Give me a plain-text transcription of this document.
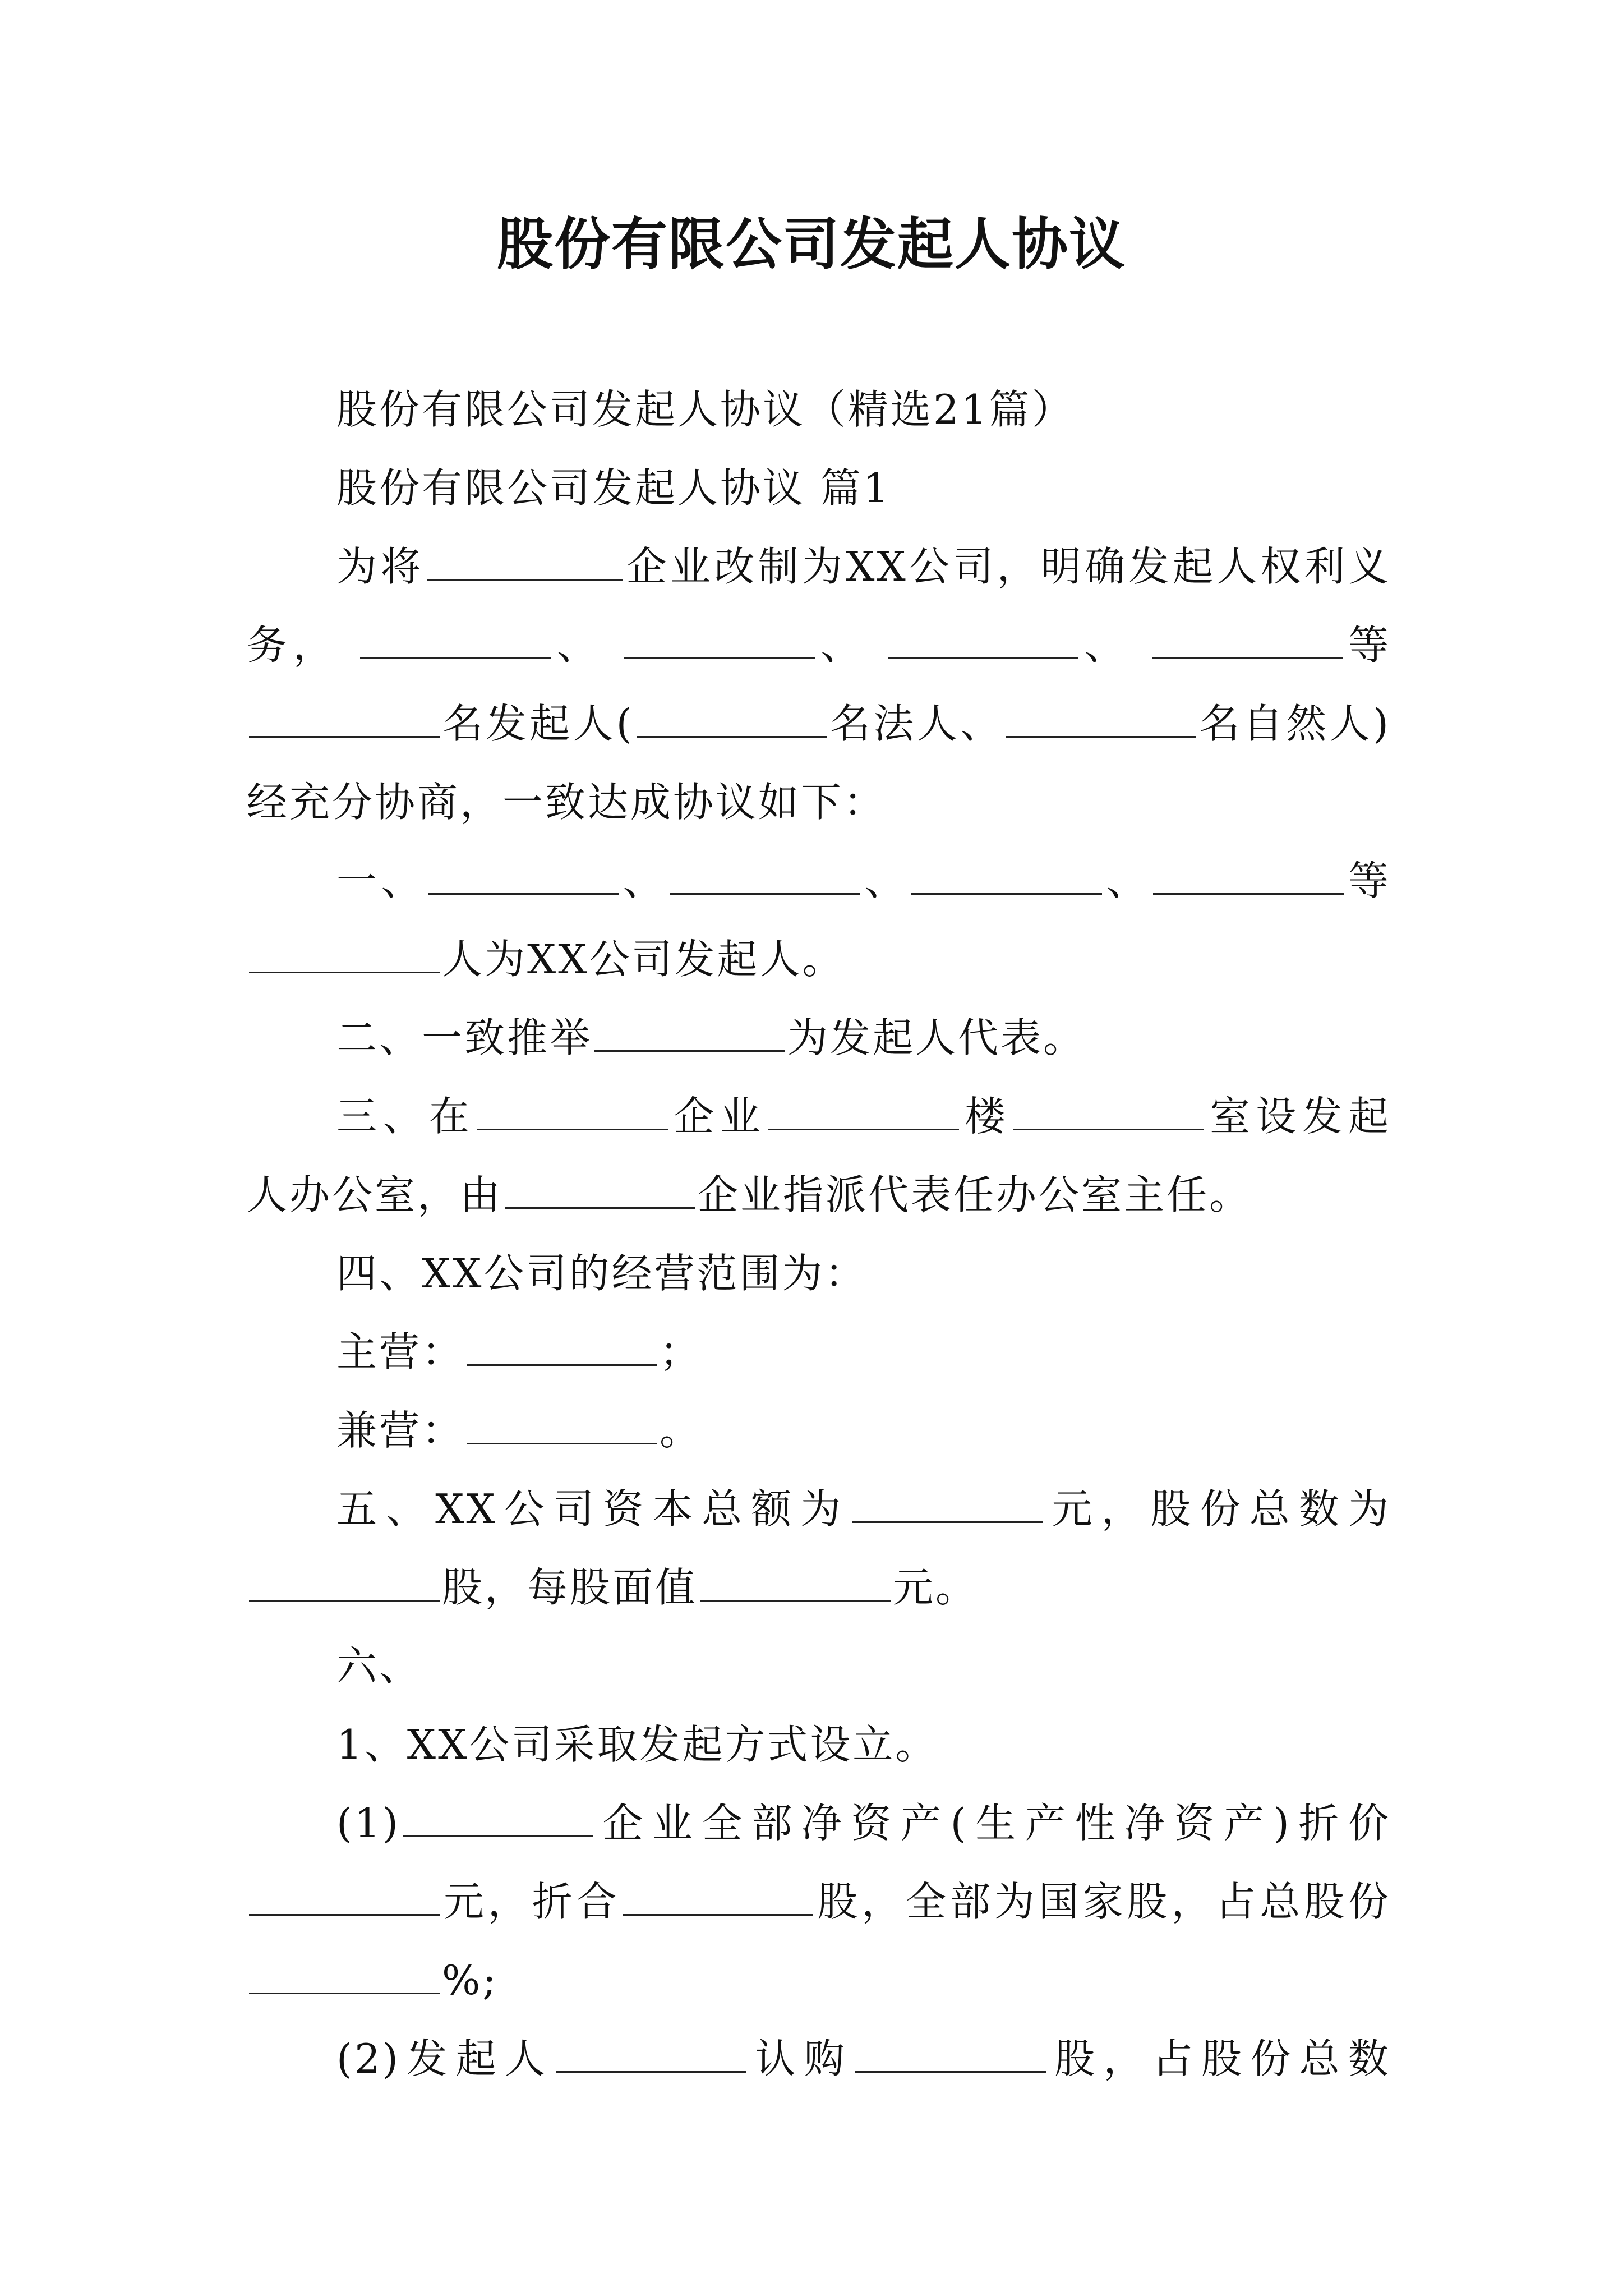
股份有限公司发起人协议
股份有限公司发起人协议（精选21篇）
股份有限公司发起人协议 篇1
为将	企业改制为XX公司，明确发起人权利义
务，	、	、	、	等
名发起人(	名法人、	名自然人)
经充分协商，一致达成协议如下：
一、	、	、	、	等
人为XX公司发起人。
二、一致推举	为发起人代表。
三、在	企业	楼	室设发起
人办公室，由	企业指派代表任办公室主任。
四、XX公司的经营范围为：
主营：	；
兼营：	。
五、XX公司资本总额为	元，股份总数为
股，每股面值	元。
六、
1、XX公司采取发起方式设立。
(1)	企业全部净资产(生产性净资产)折价
元，折合	股，全部为国家股，占总股份
%;
(2)发起人	认购	股，占股份总数
